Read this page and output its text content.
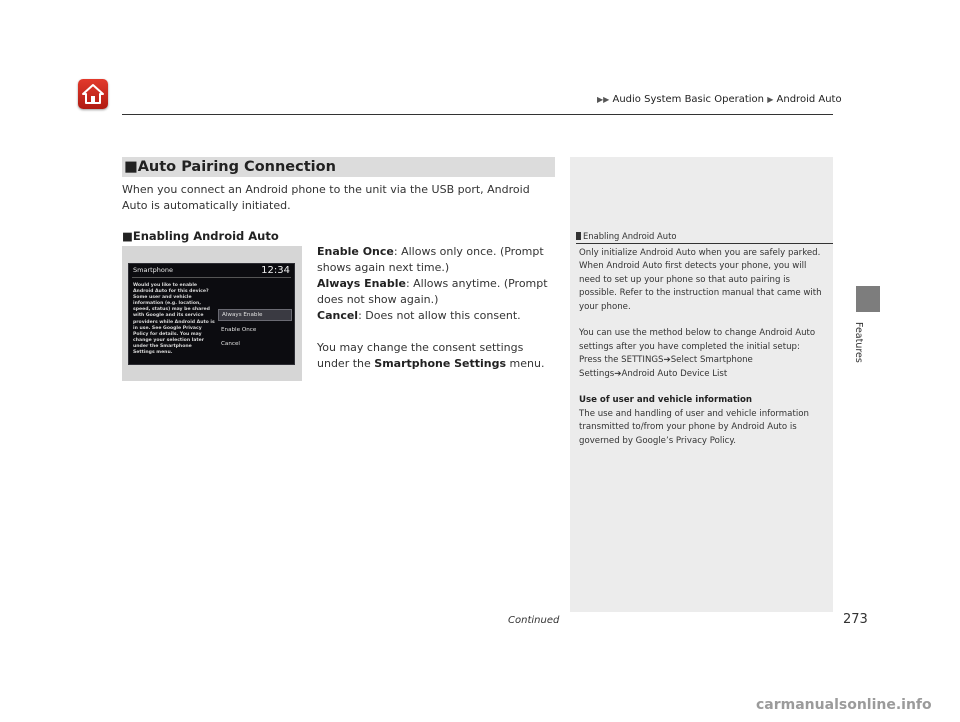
▶▶ Audio System Basic Operation ▶ Android Auto
Features
■Auto Pairing Connection
When you connect an Android phone to the unit via the USB port, Android Auto is automatically initiated.
■Enabling Android Auto
Smartphone	12:34
Would you like to enable Android Auto for this device? Some user and vehicle information (e.g. location, speed, status) may be shared with Google and its service providers while Android Auto is in use. See Google Privacy Policy for details. You may change your selection later under the Smartphone Settings menu.
Always Enable
Enable Once
Cancel

Enable Once: Allows only once. (Prompt shows again next time.)

Always Enable: Allows anytime. (Prompt does not show again.)

Cancel: Does not allow this consent.

You may change the consent settings under the Smartphone Settings menu.

Enabling Android Auto

Only initialize Android Auto when you are safely parked. When Android Auto first detects your phone, you will need to set up your phone so that auto pairing is possible. Refer to the instruction manual that came with your phone.

You can use the method below to change Android Auto settings after you have completed the initial setup:

Press the SETTINGS➔Select Smartphone Settings➔Android Auto Device List

Use of user and vehicle information

The use and handling of user and vehicle information transmitted to/from your phone by Android Auto is governed by Google’s Privacy Policy.

Continued	273
carmanualsonline.info
